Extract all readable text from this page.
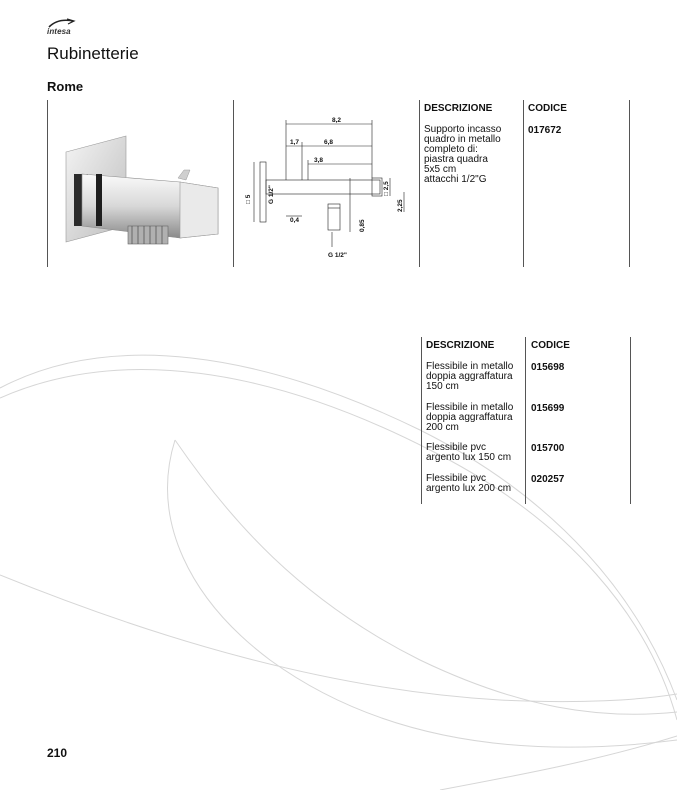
intesa
Rubinetterie
Rome
8,2
1,7	6,8
3,8
0,4
G 1/2"
□ 5 G 1/2"
0,85
□ 2,5
2,25
DESCRIZIONE	CODICE
Supporto incasso
quadro in metallo
completo di:
piastra quadra
5x5 cm
attacchi 1/2"G
017672
DESCRIZIONE	CODICE
Flessibile in metallo
doppia aggraffatura
150 cm
015698
Flessibile in metallo
doppia aggraffatura
200 cm
015699
Flessibile pvc
argento lux 150 cm
015700
Flessibile pvc
argento lux 200 cm
020257
210
